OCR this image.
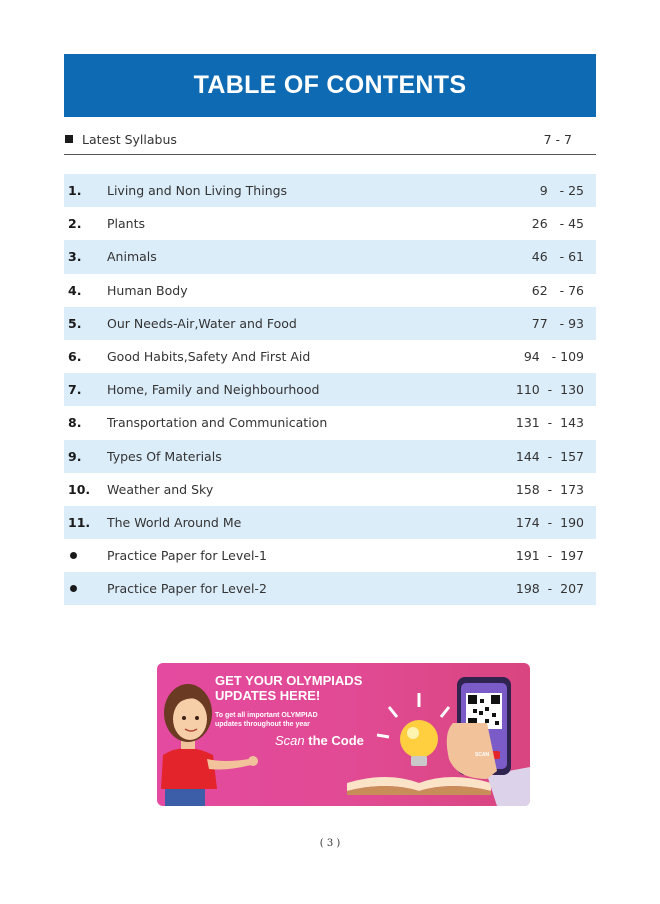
TABLE OF CONTENTS
Latest Syllabus	7 - 7
1. Living and Non Living Things	9   - 25
2. Plants	26   - 45
3. Animals	46   - 61
4. Human Body	62   - 76
5. Our Needs-Air,Water and Food	77   - 93
6. Good Habits,Safety And First Aid	94   - 109
7. Home, Family and Neighbourhood	110  -  130
8. Transportation and Communication	131  -  143
9. Types Of Materials	144  -  157
10. Weather and Sky	158  -  173
11. The World Around Me	174  -  190
Practice Paper for Level-1	191  -  197
Practice Paper for Level-2	198  -  207
GET YOUR OLYMPIADS
UPDATES HERE!
To get all important OLYMPIAD
updates throughout the year
Scan the Code
SCAN
( 3 )
